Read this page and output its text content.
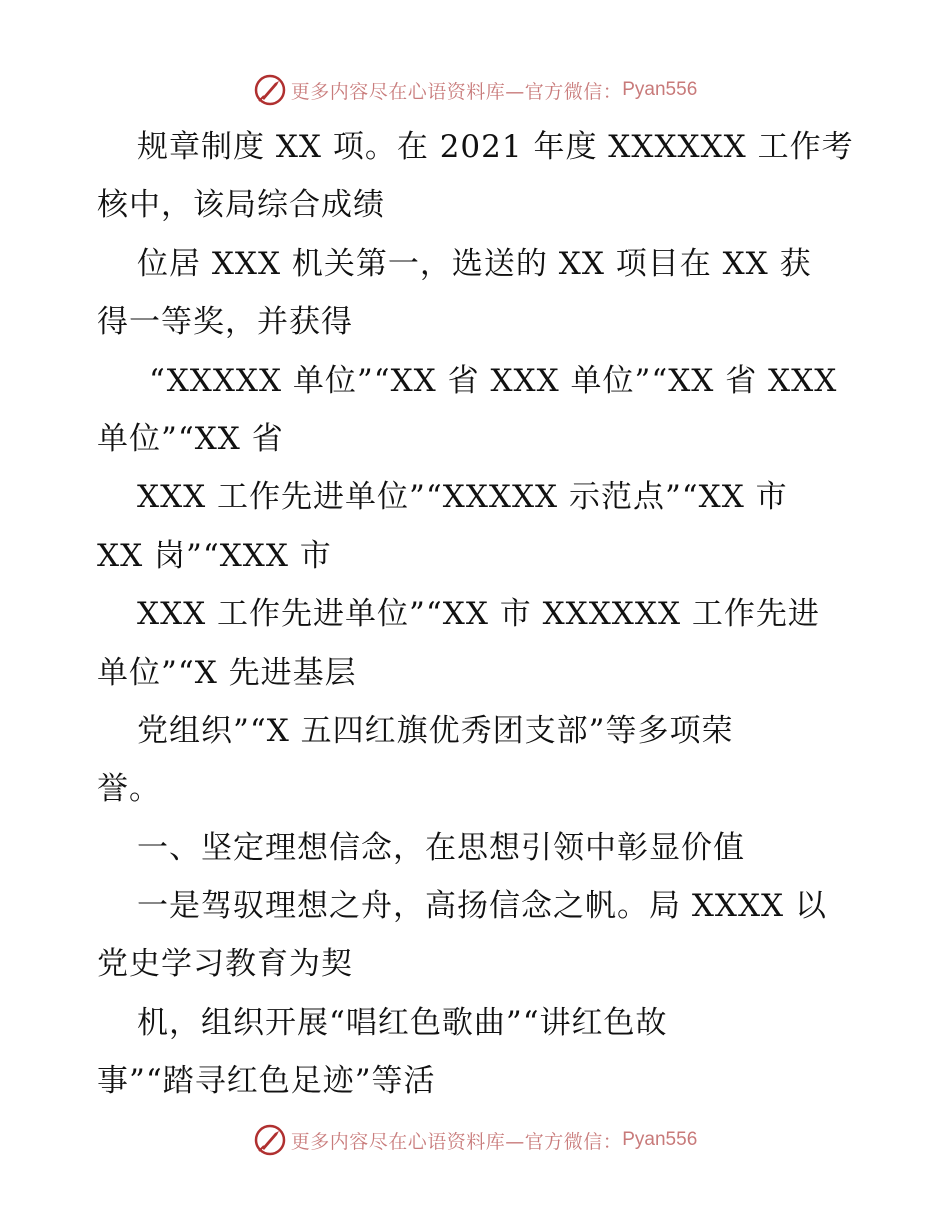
更多内容尽在心语资料库—官方微信： Pyan556
规章制度 XX 项。在 2021 年度 XXXXXX 工作考
核中，该局综合成绩
位居 XXX 机关第一，选送的 XX 项目在 XX 获
得一等奖，并获得
“XXXXX 单位”“XX 省 XXX 单位”“XX 省 XXX
单位”“XX 省
XXX 工作先进单位”“XXXXX 示范点”“XX 市
XX 岗”“XXX 市
XXX 工作先进单位”“XX 市 XXXXXX 工作先进
单位”“X 先进基层
党组织”“X 五四红旗优秀团支部”等多项荣
誉。
一、坚定理想信念，在思想引领中彰显价值
一是驾驭理想之舟，高扬信念之帆。局 XXXX 以
党史学习教育为契
机，组织开展“唱红色歌曲”“讲红色故
事”“踏寻红色足迹”等活
更多内容尽在心语资料库—官方微信： Pyan556
